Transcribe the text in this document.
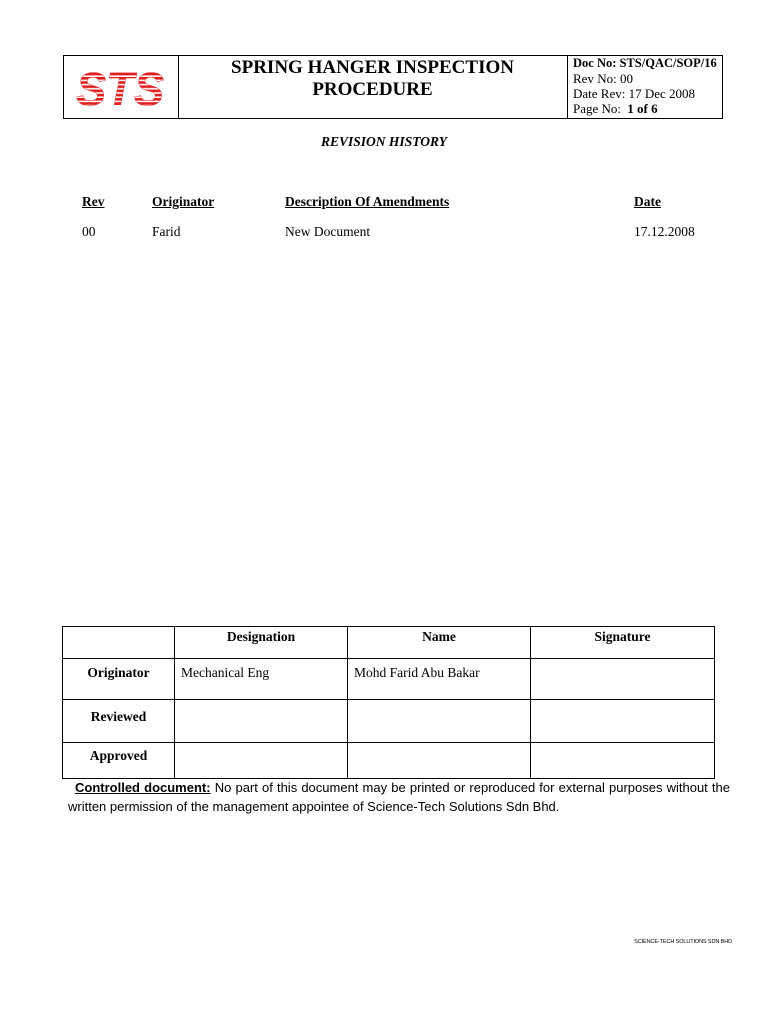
STS	SPRING HANGER INSPECTION
PROCEDURE
Doc No: STS/QAC/SOP/16
Rev No: 00
Date Rev: 17 Dec 2008
Page No: 1 of 6
REVISION HISTORY
Rev	Originator	Description Of Amendments	Date
00	Farid	New Document	17.12.2008
	Designation	Name	Signature
Originator	Mechanical Eng	Mohd Farid Abu Bakar	
Reviewed			
Approved			
Controlled document: No part of this document may be printed or reproduced for external purposes without the written permission of the management appointee of Science-Tech Solutions Sdn Bhd.
SCIENCE-TECH SOLUTIONS SDN BHD
